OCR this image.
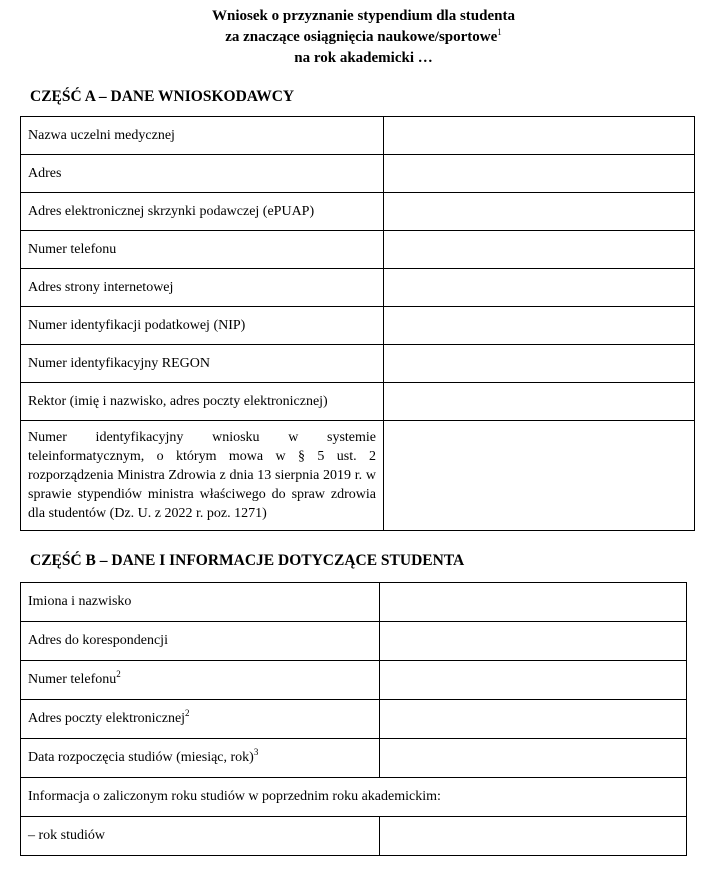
Wniosek o przyznanie stypendium dla studenta
za znaczące osiągnięcia naukowe/sportowe$^1$
na rok akademicki …
CZĘŚĆ A – DANE WNIOSKODAWCY
Nazwa uczelni medycznej	
Adres	
Adres elektronicznej skrzynki podawczej (ePUAP)	
Numer telefonu	
Adres strony internetowej	
Numer identyfikacji podatkowej (NIP)	
Numer identyfikacyjny REGON	
Rektor (imię i nazwisko, adres poczty elektronicznej)	
Numer identyfikacyjny wniosku w systemie teleinformatycznym, o którym mowa w § 5 ust. 2 rozporządzenia Ministra Zdrowia z dnia 13 sierpnia 2019 r. w sprawie stypendiów ministra właściwego do spraw zdrowia dla studentów (Dz. U. z 2022 r. poz. 1271)	
CZĘŚĆ B – DANE I INFORMACJE DOTYCZĄCE STUDENTA
Imiona i nazwisko	
Adres do korespondencji	
Numer telefonu$^2$	
Adres poczty elektronicznej$^2$	
Data rozpoczęcia studiów (miesiąc, rok)$^3$	
Informacja o zaliczonym roku studiów w poprzednim roku akademickim:	
– rok studiów	
